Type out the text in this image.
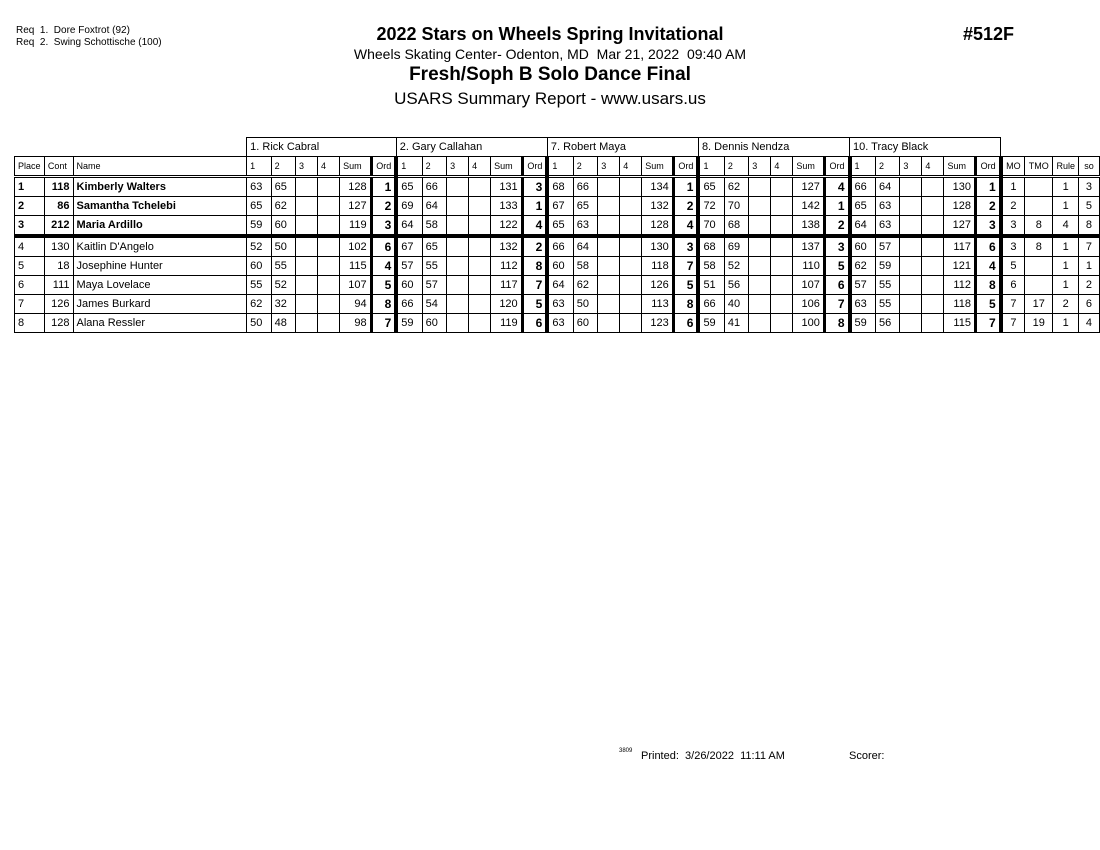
Req  1.  Dore Foxtrot (92)
Req  2.  Swing Schottische (100)	2022 Stars on Wheels Spring Invitational
Wheels Skating Center- Odenton, MD  Mar 21, 2022  09:40 AM
Fresh/Soph B Solo Dance Final
USARS Summary Report - www.usars.us
#512F
			1. Rick Cabral						2. Gary Callahan						7. Robert Maya						8. Dennis Nendza						10. Tracy Black									
Place	Cont	Name	1	2	3	4	Sum	Ord	1	2	3	4	Sum	Ord	1	2	3	4	Sum	Ord	1	2	3	4	Sum	Ord	1	2	3	4	Sum	Ord	MO	TMO	Rule	so
1	118	Kimberly Walters	63	65			128	1	65	66			131	3	68	66			134	1	65	62			127	4	66	64			130	1	1		1	3
2	86	Samantha Tchelebi	65	62			127	2	69	64			133	1	67	65			132	2	72	70			142	1	65	63			128	2	2		1	5
3	212	Maria Ardillo	59	60			119	3	64	58			122	4	65	63			128	4	70	68			138	2	64	63			127	3	3	8	4	8
4	130	Kaitlin D'Angelo	52	50			102	6	67	65			132	2	66	64			130	3	68	69			137	3	60	57			117	6	3	8	1	7
5	18	Josephine Hunter	60	55			115	4	57	55			112	8	60	58			118	7	58	52			110	5	62	59			121	4	5		1	1
6	111	Maya Lovelace	55	52			107	5	60	57			117	7	64	62			126	5	51	56			107	6	57	55			112	8	6		1	2
7	126	James Burkard	62	32			94	8	66	54			120	5	63	50			113	8	66	40			106	7	63	55			118	5	7	17	2	6
8	128	Alana Ressler	50	48			98	7	59	60			119	6	63	60			123	6	59	41			100	8	59	56			115	7	7	19	1	4
3809 Printed:  3/26/2022  11:11 AM	Scorer:
